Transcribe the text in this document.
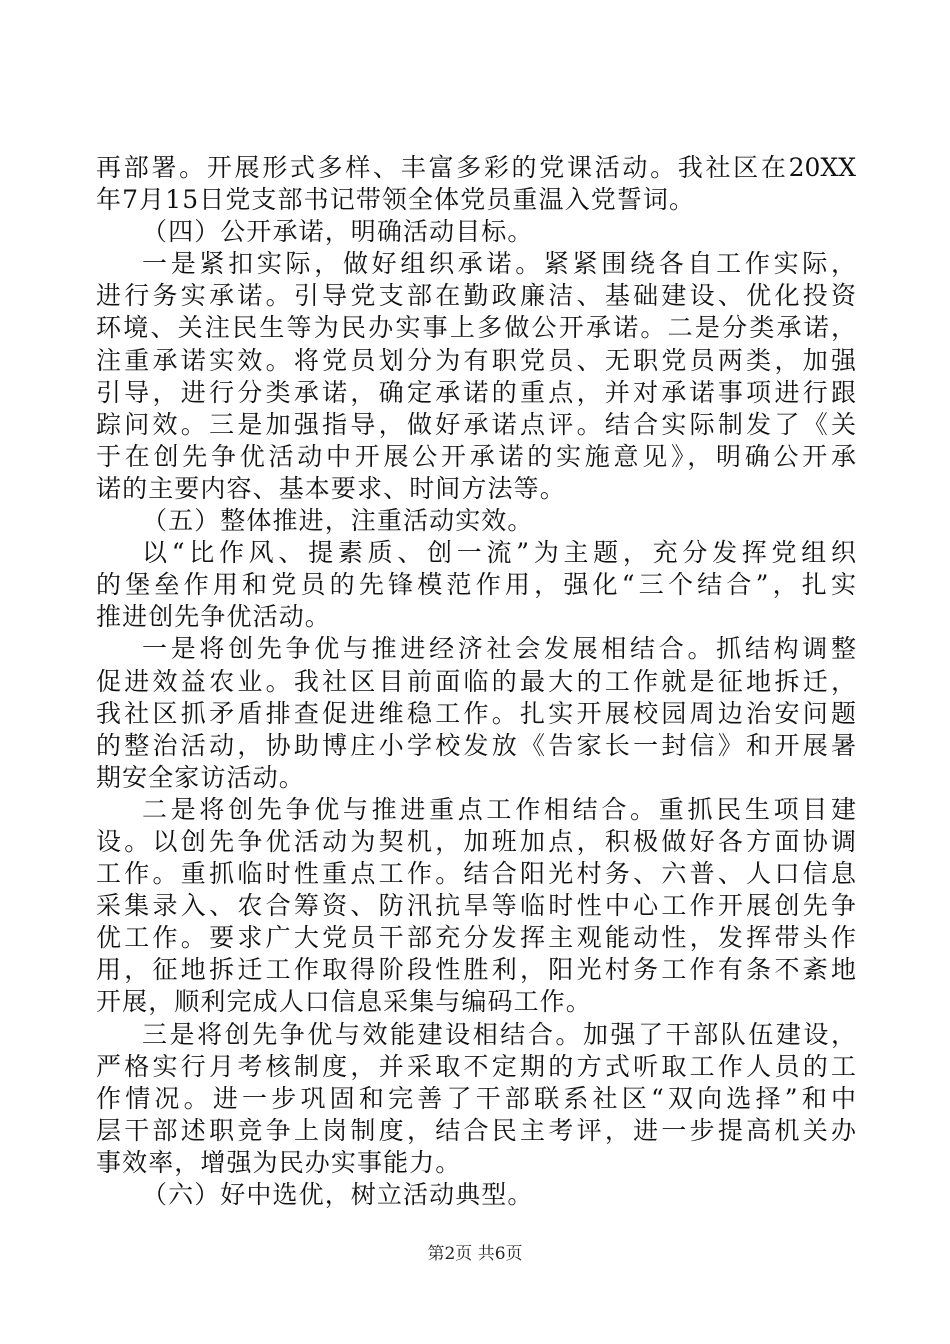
再部署。开展形式多样、丰富多彩的党课活动。我社区在20XX
年7月15日党支部书记带领全体党员重温入党誓词。
（四）公开承诺，明确活动目标。
一是紧扣实际，做好组织承诺。紧紧围绕各自工作实际，
进行务实承诺。引导党支部在勤政廉洁、基础建设、优化投资
环境、关注民生等为民办实事上多做公开承诺。二是分类承诺，
注重承诺实效。将党员划分为有职党员、无职党员两类，加强
引导，进行分类承诺，确定承诺的重点，并对承诺事项进行跟
踪问效。三是加强指导，做好承诺点评。结合实际制发了《关
于在创先争优活动中开展公开承诺的实施意见》，明确公开承
诺的主要内容、基本要求、时间方法等。
（五）整体推进，注重活动实效。
以“比作风、提素质、创一流”为主题，充分发挥党组织
的堡垒作用和党员的先锋模范作用，强化“三个结合”，扎实
推进创先争优活动。
一是将创先争优与推进经济社会发展相结合。抓结构调整
促进效益农业。我社区目前面临的最大的工作就是征地拆迁，
我社区抓矛盾排查促进维稳工作。扎实开展校园周边治安问题
的整治活动，协助博庄小学校发放《告家长一封信》和开展暑
期安全家访活动。
二是将创先争优与推进重点工作相结合。重抓民生项目建
设。以创先争优活动为契机，加班加点，积极做好各方面协调
工作。重抓临时性重点工作。结合阳光村务、六普、人口信息
采集录入、农合筹资、防汛抗旱等临时性中心工作开展创先争
优工作。要求广大党员干部充分发挥主观能动性，发挥带头作
用，征地拆迁工作取得阶段性胜利，阳光村务工作有条不紊地
开展，顺利完成人口信息采集与编码工作。
三是将创先争优与效能建设相结合。加强了干部队伍建设，
严格实行月考核制度，并采取不定期的方式听取工作人员的工
作情况。进一步巩固和完善了干部联系社区“双向选择”和中
层干部述职竞争上岗制度，结合民主考评，进一步提高机关办
事效率，增强为民办实事能力。
（六）好中选优，树立活动典型。
第2页 共6页
